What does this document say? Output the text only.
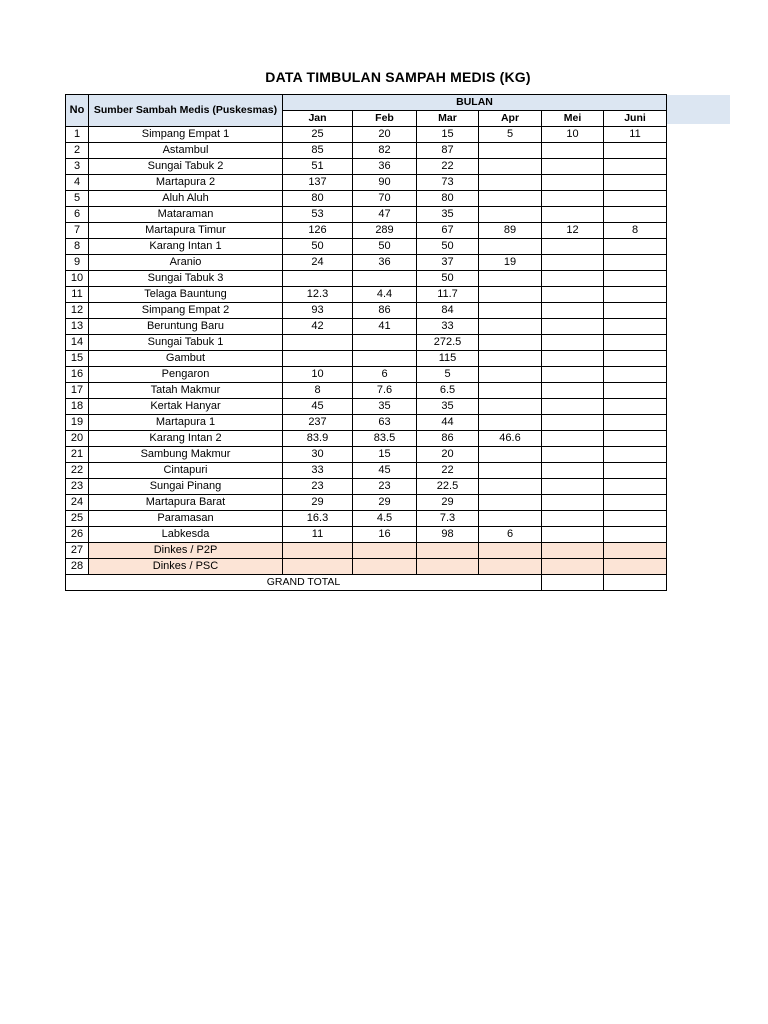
DATA TIMBULAN SAMPAH MEDIS (KG)
No	Sumber Sambah Medis (Puskesmas)	BULAN					
		Jan	Feb	Mar	Apr	Mei	Juni
1	Simpang Empat 1	25	20	15	5	10	11
2	Astambul	85	82	87			
3	Sungai Tabuk 2	51	36	22			
4	Martapura 2	137	90	73			
5	Aluh Aluh	80	70	80			
6	Mataraman	53	47	35			
7	Martapura Timur	126	289	67	89	12	8
8	Karang Intan 1	50	50	50			
9	Aranio	24	36	37	19		
10	Sungai Tabuk 3			50			
11	Telaga Bauntung	12.3	4.4	11.7			
12	Simpang Empat 2	93	86	84			
13	Beruntung Baru	42	41	33			
14	Sungai Tabuk 1			272.5			
15	Gambut			115			
16	Pengaron	10	6	5			
17	Tatah Makmur	8	7.6	6.5			
18	Kertak Hanyar	45	35	35			
19	Martapura 1	237	63	44			
20	Karang Intan 2	83.9	83.5	86	46.6		
21	Sambung Makmur	30	15	20			
22	Cintapuri	33	45	22			
23	Sungai Pinang	23	23	22.5			
24	Martapura Barat	29	29	29			
25	Paramasan	16.3	4.5	7.3			
26	Labkesda	11	16	98	6		
27	Dinkes / P2P						
28	Dinkes / PSC						
GRAND TOTAL							
